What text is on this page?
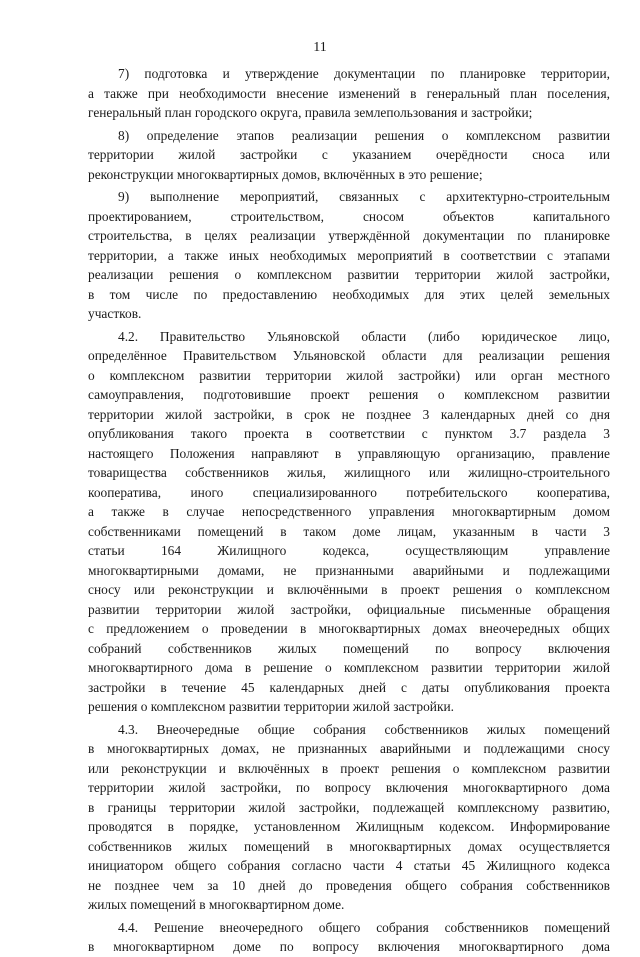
11
7) подготовка и утверждение документации по планировке территории,
а также при необходимости внесение изменений в генеральный план поселения,
генеральный план городского округа, правила землепользования и застройки;
8) определение этапов реализации решения о комплексном развитии
территории жилой застройки с указанием очерёдности сноса или
реконструкции многоквартирных домов, включённых в это решение;
9) выполнение мероприятий, связанных с архитектурно-строительным
проектированием, строительством, сносом объектов капитального
строительства, в целях реализации утверждённой документации по планировке
территории, а также иных необходимых мероприятий в соответствии с этапами
реализации решения о комплексном развитии территории жилой застройки,
в том числе по предоставлению необходимых для этих целей земельных
участков.
4.2. Правительство Ульяновской области (либо юридическое лицо,
определённое Правительством Ульяновской области для реализации решения
о комплексном развитии территории жилой застройки) или орган местного
самоуправления, подготовившие проект решения о комплексном развитии
территории жилой застройки, в срок не позднее 3 календарных дней со дня
опубликования такого проекта в соответствии с пунктом 3.7 раздела 3
настоящего Положения направляют в управляющую организацию, правление
товарищества собственников жилья, жилищного или жилищно-строительного
кооператива, иного специализированного потребительского кооператива,
а также в случае непосредственного управления многоквартирным домом
собственниками помещений в таком доме лицам, указанным в части 3
статьи 164 Жилищного кодекса, осуществляющим управление
многоквартирными домами, не признанными аварийными и подлежащими
сносу или реконструкции и включёнными в проект решения о комплексном
развитии территории жилой застройки, официальные письменные обращения
с предложением о проведении в многоквартирных домах внеочередных общих
собраний собственников жилых помещений по вопросу включения
многоквартирного дома в решение о комплексном развитии территории жилой
застройки в течение 45 календарных дней с даты опубликования проекта
решения о комплексном развитии территории жилой застройки.
4.3. Внеочередные общие собрания собственников жилых помещений
в многоквартирных домах, не признанных аварийными и подлежащими сносу
или реконструкции и включённых в проект решения о комплексном развитии
территории жилой застройки, по вопросу включения многоквартирного дома
в границы территории жилой застройки, подлежащей комплексному развитию,
проводятся в порядке, установленном Жилищным кодексом. Информирование
собственников жилых помещений в многоквартирных домах осуществляется
инициатором общего собрания согласно части 4 статьи 45 Жилищного кодекса
не позднее чем за 10 дней до проведения общего собрания собственников
жилых помещений в многоквартирном доме.
4.4. Решение внеочередного общего собрания собственников помещений
в многоквартирном доме по вопросу включения многоквартирного дома
